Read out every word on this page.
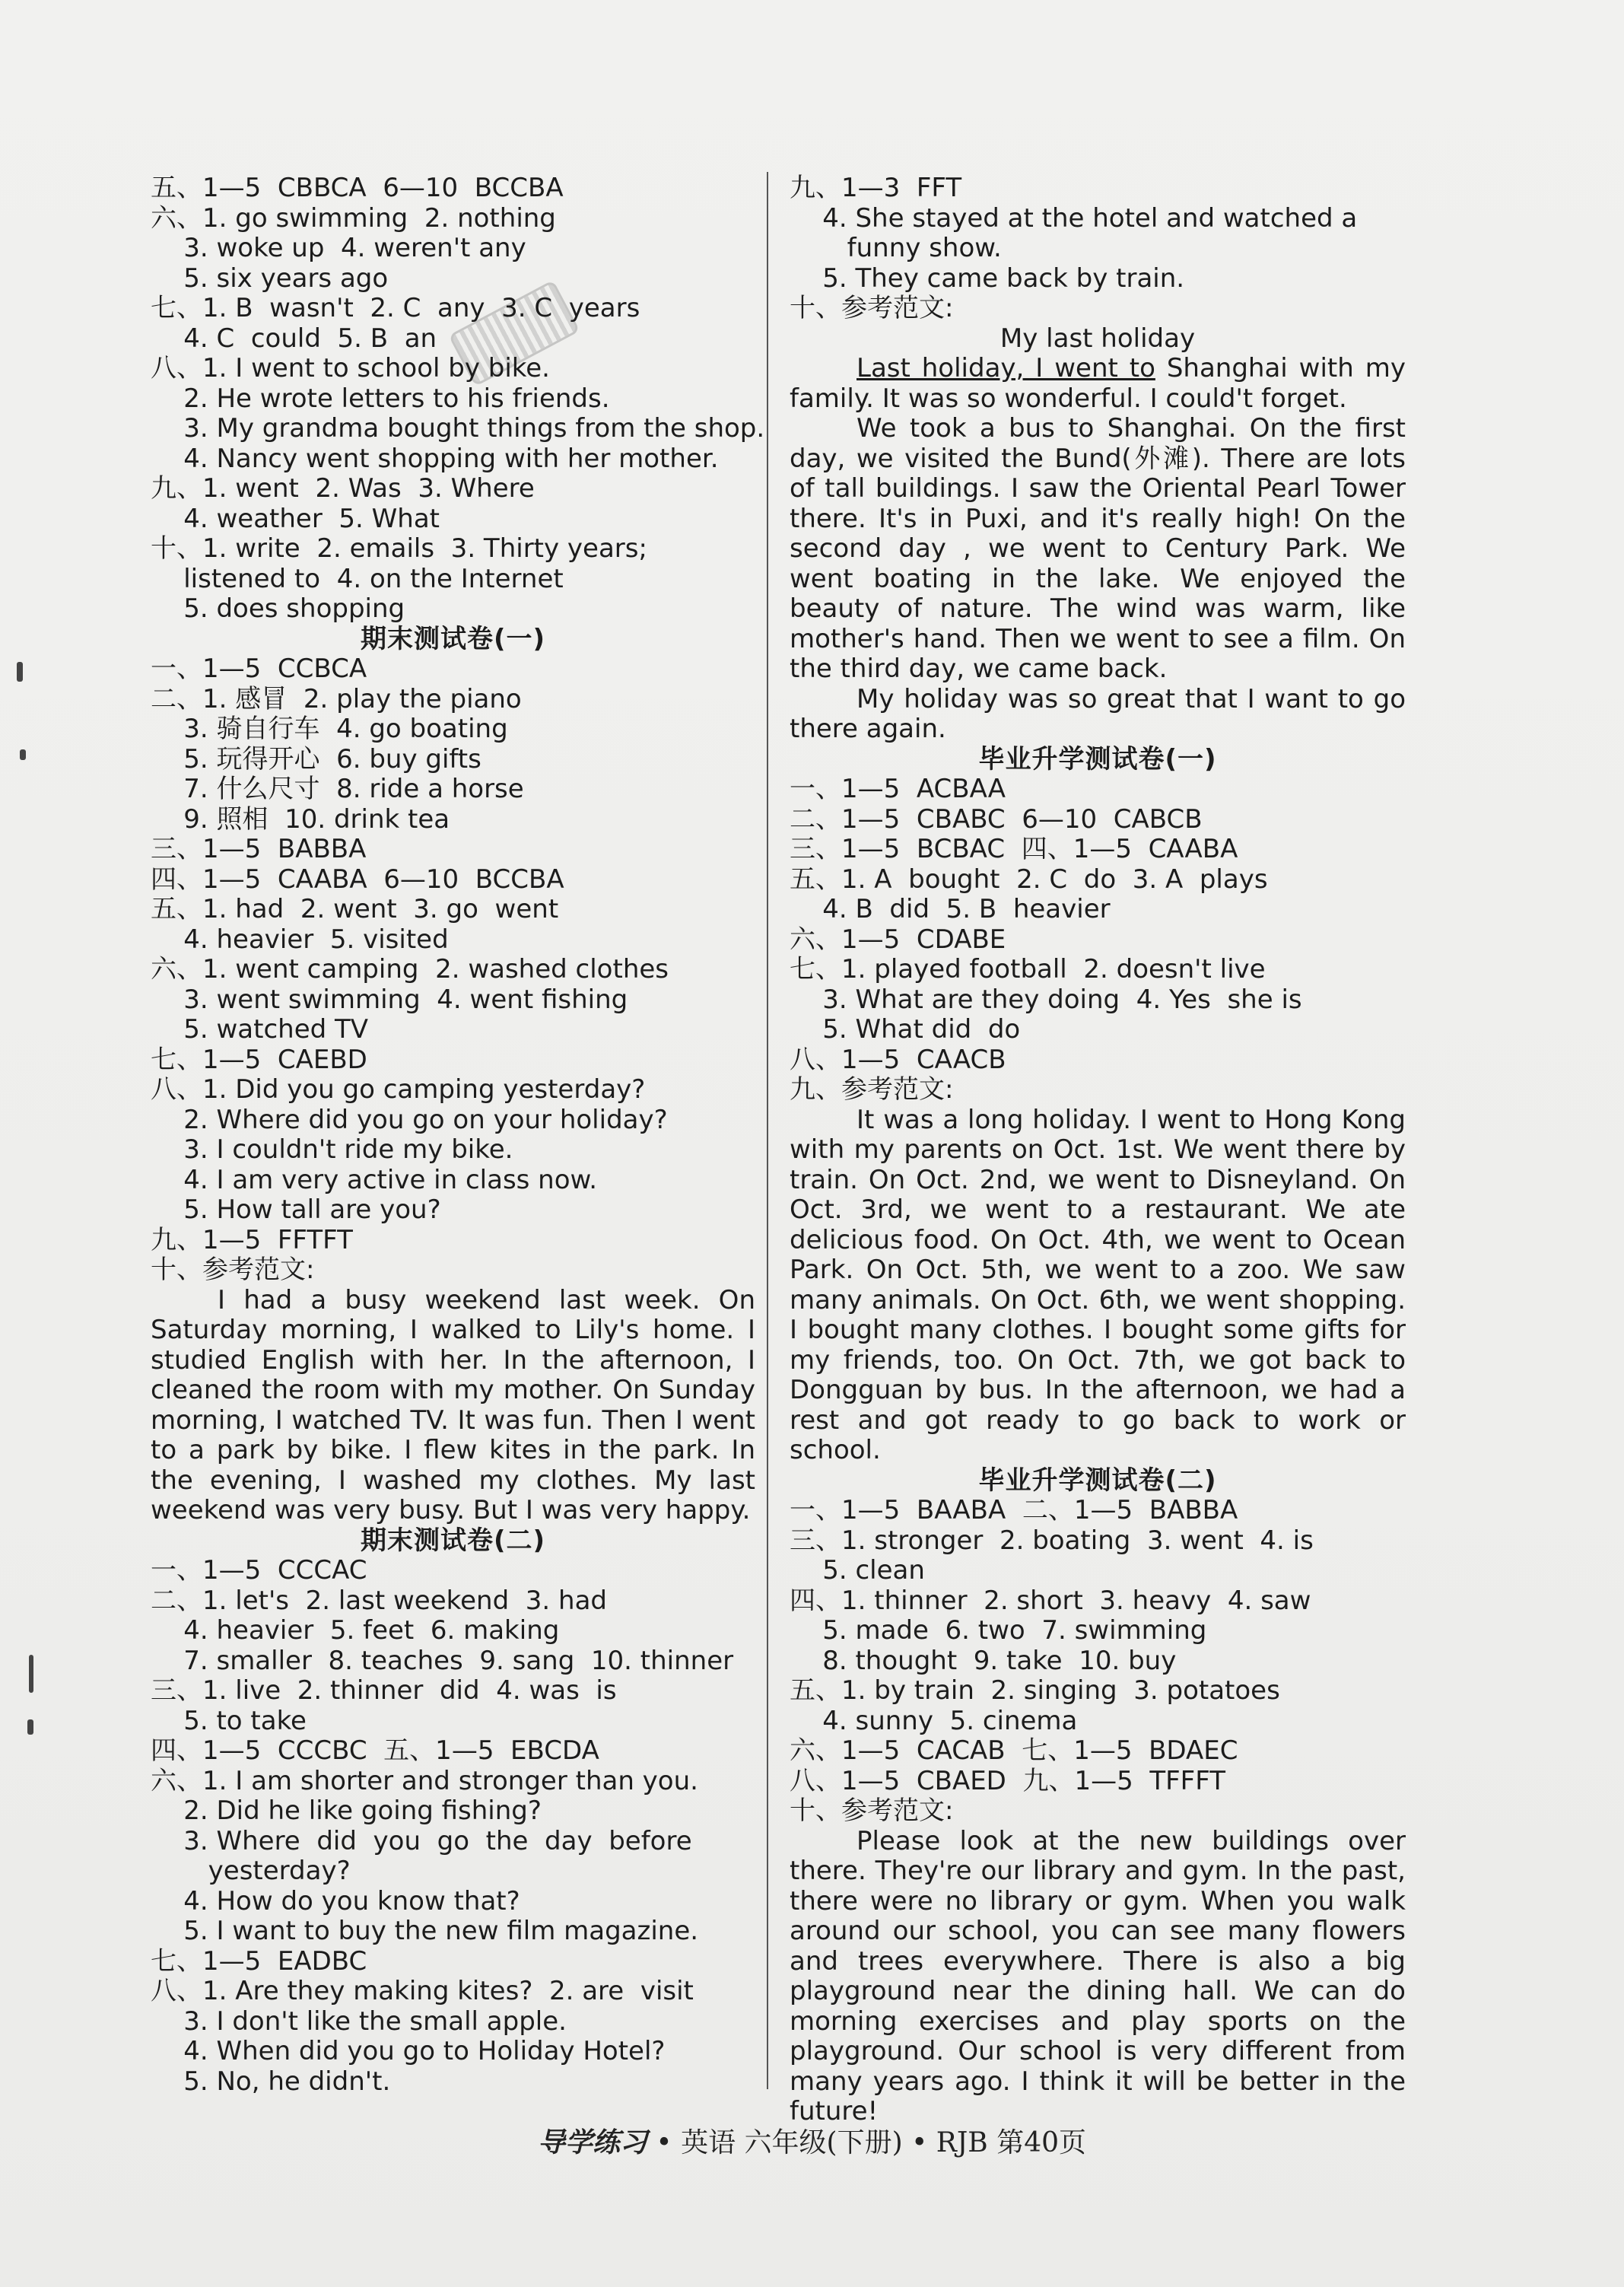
五、1—5  CBBCA  6—10  BCCBA
六、1. go swimming  2. nothing
3. woke up  4. weren't any
5. six years ago
七、1. B  wasn't  2. C  any  3. C  years
4. C  could  5. B  an
八、1. I went to school by bike.
2. He wrote letters to his friends.
3. My grandma bought things from the shop.
4. Nancy went shopping with her mother.
九、1. went  2. Was  3. Where
4. weather  5. What
十、1. write  2. emails  3. Thirty years;
listened to  4. on the Internet
5. does shopping
期末测试卷(一)
一、1—5  CCBCA
二、1. 感冒  2. play the piano
3. 骑自行车  4. go boating
5. 玩得开心  6. buy gifts
7. 什么尺寸  8. ride a horse
9. 照相  10. drink tea
三、1—5  BABBA
四、1—5  CAABA  6—10  BCCBA
五、1. had  2. went  3. go  went
4. heavier  5. visited
六、1. went camping  2. washed clothes
3. went swimming  4. went fishing
5. watched TV
七、1—5  CAEBD
八、1. Did you go camping yesterday?
2. Where did you go on your holiday?
3. I couldn't ride my bike.
4. I am very active in class now.
5. How tall are you?
九、1—5  FFTFT
十、参考范文:
I had a busy weekend last week. On Saturday morning, I walked to Lily's home. I studied English with her. In the afternoon, I cleaned the room with my mother. On Sunday morning, I watched TV. It was fun. Then I went to a park by bike. I flew kites in the park. In the evening, I washed my clothes. My last weekend was very busy. But I was very happy.
期末测试卷(二)
一、1—5  CCCAC
二、1. let's  2. last weekend  3. had
4. heavier  5. feet  6. making
7. smaller  8. teaches  9. sang  10. thinner
三、1. live  2. thinner  did  4. was  is
5. to take
四、1—5  CCCBC  五、1—5  EBCDA
六、1. I am shorter and stronger than you.
2. Did he like going fishing?
3. Where  did  you  go  the  day  before
yesterday?
4. How do you know that?
5. I want to buy the new film magazine.
七、1—5  EADBC
八、1. Are they making kites?  2. are  visit
3. I don't like the small apple.
4. When did you go to Holiday Hotel?
5. No, he didn't.
九、1—3  FFT
4. She stayed at the hotel and watched a
funny show.
5. They came back by train.
十、参考范文:
My last holiday
Last holiday, I went to Shanghai with my family. It was so wonderful. I could't forget.
We took a bus to Shanghai. On the first day, we visited the Bund(外滩). There are lots of tall buildings. I saw the Oriental Pearl Tower there. It's in Puxi, and it's really high! On the second day , we went to Century Park. We went boating in the lake. We enjoyed the beauty of nature. The wind was warm, like mother's hand. Then we went to see a film. On the third day, we came back.
My holiday was so great that I want to go there again.
毕业升学测试卷(一)
一、1—5  ACBAA
二、1—5  CBABC  6—10  CABCB
三、1—5  BCBAC  四、1—5  CAABA
五、1. A  bought  2. C  do  3. A  plays
4. B  did  5. B  heavier
六、1—5  CDABE
七、1. played football  2. doesn't live
3. What are they doing  4. Yes  she is
5. What did  do
八、1—5  CAACB
九、参考范文:
It was a long holiday. I went to Hong Kong with my parents on Oct. 1st. We went there by train. On Oct. 2nd, we went to Disneyland. On Oct. 3rd, we went to a restaurant. We ate delicious food. On Oct. 4th, we went to Ocean Park. On Oct. 5th, we went to a zoo. We saw many animals. On Oct. 6th, we went shopping. I bought many clothes. I bought some gifts for my friends, too. On Oct. 7th, we got back to Dongguan by bus. In the afternoon, we had a rest and got ready to go back to work or school.
毕业升学测试卷(二)
一、1—5  BAABA  二、1—5  BABBA
三、1. stronger  2. boating  3. went  4. is
5. clean
四、1. thinner  2. short  3. heavy  4. saw
5. made  6. two  7. swimming
8. thought  9. take  10. buy
五、1. by train  2. singing  3. potatoes
4. sunny  5. cinema
六、1—5  CACAB  七、1—5  BDAEC
八、1—5  CBAED  九、1—5  TFFFT
十、参考范文:
Please look at the new buildings over there. They're our library and gym. In the past, there were no library or gym. When you walk around our school, you can see many flowers and trees everywhere. There is also a big playground near the dining hall. We can do morning exercises and play sports on the playground. Our school is very different from many years ago. I think it will be better in the future!
导学练习 • 英语 六年级(下册) • RJB 第40页
